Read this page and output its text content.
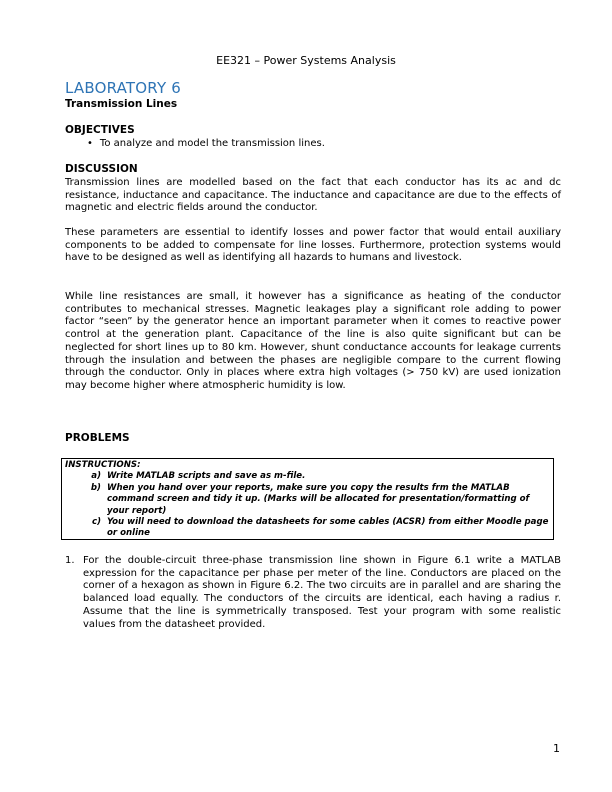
EE321 – Power Systems Analysis
LABORATORY 6
Transmission Lines
OBJECTIVES
• To analyze and model the transmission lines.
DISCUSSION

Transmission lines are modelled based on the fact that each conductor has its ac and dc resistance, inductance and capacitance. The inductance and capacitance are due to the effects of magnetic and electric fields around the conductor.

These parameters are essential to identify losses and power factor that would entail auxiliary components to be added to compensate for line losses. Furthermore, protection systems would have to be designed as well as identifying all hazards to humans and livestock.

While line resistances are small, it however has a significance as heating of the conductor contributes to mechanical stresses. Magnetic leakages play a significant role adding to power factor “seen” by the generator hence an important parameter when it comes to reactive power control at the generation plant. Capacitance of the line is also quite significant but can be neglected for short lines up to 80 km. However, shunt conductance accounts for leakage currents through the insulation and between the phases are negligible compare to the current flowing through the conductor. Only in places where extra high voltages (> 750 kV) are used ionization may become higher where atmospheric humidity is low.

PROBLEMS
INSTRUCTIONS:
a) Write MATLAB scripts and save as m-file.
b) When you hand over your reports, make sure you copy the results frm the MATLAB command screen and tidy it up. (Marks will be allocated for presentation/formatting of your report)
c) You will need to download the datasheets for some cables (ACSR) from either Moodle page or online
1. For the double-circuit three-phase transmission line shown in Figure 6.1 write a MATLAB expression for the capacitance per phase per meter of the line. Conductors are placed on the corner of a hexagon as shown in Figure 6.2. The two circuits are in parallel and are sharing the balanced load equally. The conductors of the circuits are identical, each having a radius r. Assume that the line is symmetrically transposed. Test your program with some realistic values from the datasheet provided.
1
